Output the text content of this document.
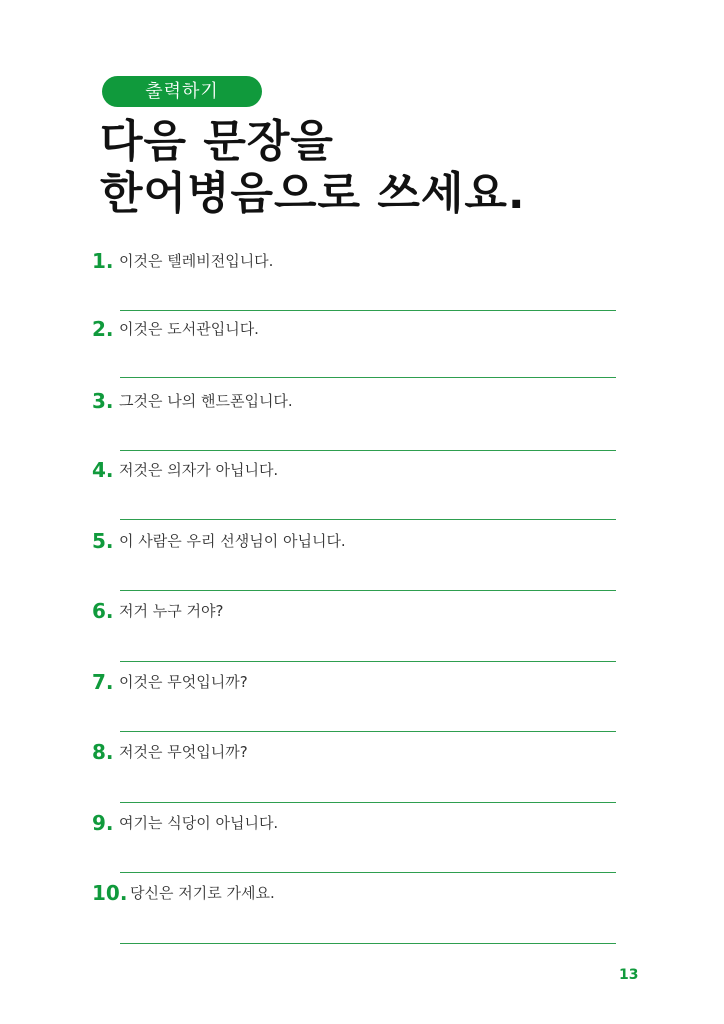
출력하기
다음 문장을
한어병음으로 쓰세요.
1. 이것은 텔레비전입니다.
2. 이것은 도서관입니다.
3. 그것은 나의 핸드폰입니다.
4. 저것은 의자가 아닙니다.
5. 이 사람은 우리 선생님이 아닙니다.
6. 저거 누구 거야?
7. 이것은 무엇입니까?
8. 저것은 무엇입니까?
9. 여기는 식당이 아닙니다.
10. 당신은 저기로 가세요.
13
